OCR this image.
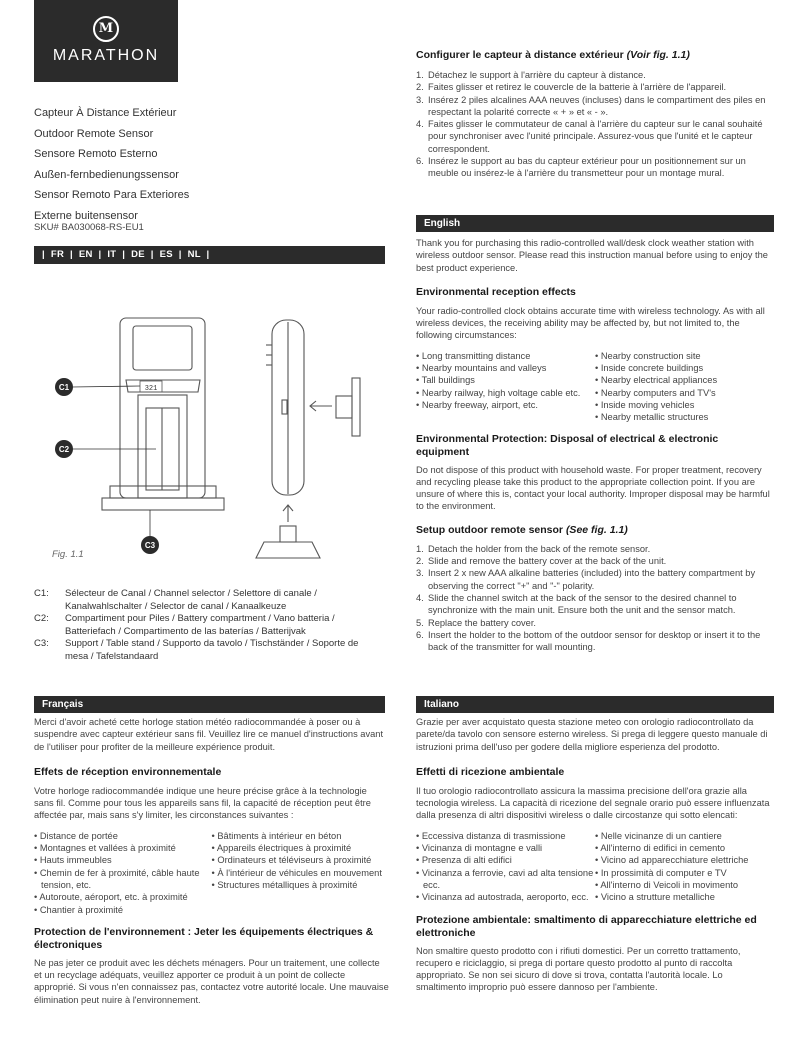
M
MARATHON
Capteur À Distance Extérieur
Outdoor Remote Sensor
Sensore Remoto Esterno
Außen-fernbedienungssensor
Sensor Remoto Para Exteriores
Externe buitensensor
SKU# BA030068-RS-EU1
|  FR  |  EN  |  IT  |  DE  |  ES  |  NL  |
321
C1
C2
C3
Fig. 1.1
C1:	Sélecteur de Canal / Channel selector / Selettore di canale / Kanalwahlschalter / Selector de canal / Kanaalkeuze
C2:	Compartiment pour Piles / Battery compartment / Vano batteria / Batteriefach / Compartimento de las baterías / Batterijvak
C3:	Support / Table stand / Supporto da tavolo / Tischständer / Soporte de mesa / Tafelstandaard
Configurer le capteur à distance extérieur (Voir fig. 1.1)
1. Détachez le support à l'arrière du capteur à distance.
2. Faites glisser et retirez le couvercle de la batterie à l'arrière de l'appareil.
3. Insérez 2 piles alcalines AAA neuves (incluses) dans le compartiment des piles en respectant la polarité correcte « + » et « - ».
4. Faites glisser le commutateur de canal à l'arrière du capteur sur le canal souhaité pour synchroniser avec l'unité principale. Assurez-vous que l'unité et le capteur correspondent.
6. Insérez le support au bas du capteur extérieur pour un positionnement sur un meuble ou insérez-le à l'arrière du transmetteur pour un montage mural.
English
Thank you for purchasing this radio-controlled wall/desk clock weather station with wireless outdoor sensor. Please read this instruction manual before using to enjoy the best product experience.
Environmental reception effects
Your radio-controlled clock obtains accurate time with wireless technology. As with all wireless devices, the receiving ability may be affected by, but not limited to, the following circumstances:
• Long transmitting distance
• Nearby mountains and valleys
• Tall buildings
• Nearby railway, high voltage cable etc.
• Nearby freeway, airport, etc.
• Nearby construction site
• Inside concrete buildings
• Nearby electrical appliances
• Nearby computers and TV's
• Inside moving vehicles
• Nearby metallic structures
Environmental Protection: Disposal of electrical & electronic equipment
Do not dispose of this product with household waste. For proper treatment, recovery and recycling please take this product to the appropriate collection point. If you are unsure of where this is, contact your local authority. Improper disposal may be harmful to the environment.
Setup outdoor remote sensor (See fig. 1.1)
1. Detach the holder from the back of the remote sensor.
2. Slide and remove the battery cover at the back of the unit.
3. Insert 2 x new AAA alkaline batteries (included) into the battery compartment by observing the correct "+" and "-" polarity.
4. Slide the channel switch at the back of the sensor to the desired channel to synchronize with the main unit. Ensure both the unit and the sensor match.
5. Replace the battery cover.
6. Insert the holder to the bottom of the outdoor sensor for desktop or insert it to the back of the transmitter for wall mounting.
Français
Merci d'avoir acheté cette horloge station météo radiocommandée à poser ou à suspendre avec capteur extérieur sans fil. Veuillez lire ce manuel d'instructions avant de l'utiliser pour profiter de la meilleure expérience produit.
Effets de réception environnementale
Votre horloge radiocommandée indique une heure précise grâce à la technologie sans fil. Comme pour tous les appareils sans fil, la capacité de réception peut être affectée par, mais sans s'y limiter, les circonstances suivantes :
• Distance de portée
• Montagnes et vallées à proximité
• Hauts immeubles
• Chemin de fer à proximité, câble haute tension, etc.
• Autoroute, aéroport, etc. à proximité
• Chantier à proximité
• Bâtiments à intérieur en béton
• Appareils électriques à proximité
• Ordinateurs et téléviseurs à proximité
• À l'intérieur de véhicules en mouvement
• Structures métalliques à proximité
Protection de l'environnement : Jeter les équipements électriques & électroniques
Ne pas jeter ce produit avec les déchets ménagers. Pour un traitement, une collecte et un recyclage adéquats, veuillez apporter ce produit à un point de collecte approprié. Si vous n'en connaissez pas, contactez votre autorité locale. Une mauvaise élimination peut nuire à l'environnement.
Italiano
Grazie per aver acquistato questa stazione meteo con orologio radiocontrollato da parete/da tavolo con sensore esterno wireless. Si prega di leggere questo manuale di istruzioni prima dell'uso per godere della migliore esperienza del prodotto.
Effetti di ricezione ambientale
Il tuo orologio radiocontrollato assicura la massima precisione dell'ora grazie alla tecnologia wireless. La capacità di ricezione del segnale orario può essere influenzata dalla presenza di altri dispositivi wireless o dalle circostanze qui sotto elencati:
• Eccessiva distanza di trasmissione
• Vicinanza di montagne e valli
• Presenza di alti edifici
• Vicinanza a ferrovie, cavi ad alta tensione ecc.
• Vicinanza ad autostrada, aeroporto, ecc.
• Nelle vicinanze di un cantiere
• All'interno di edifici in cemento
• Vicino ad apparecchiature elettriche
• In prossimità di computer e TV
• All'interno di Veicoli in movimento
• Vicino a strutture metalliche
Protezione ambientale: smaltimento di apparecchiature elettriche ed elettroniche
Non smaltire questo prodotto con i rifiuti domestici. Per un corretto trattamento, recupero e riciclaggio, si prega di portare questo prodotto al punto di raccolta appropriato. Se non sei sicuro di dove si trova, contatta l'autorità locale. Lo smaltimento improprio può essere dannoso per l'ambiente.
